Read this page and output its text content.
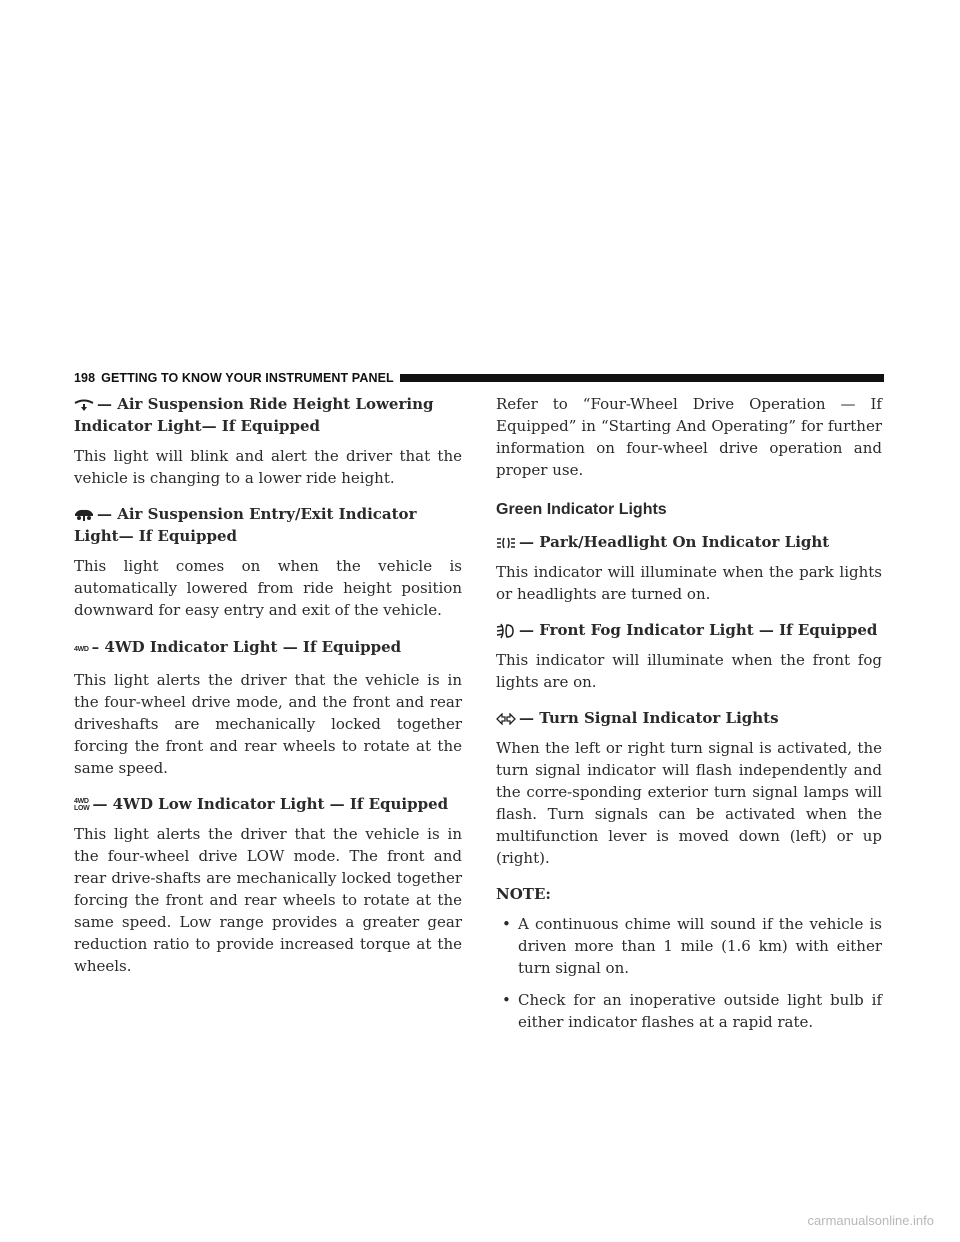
198 GETTING TO KNOW YOUR INSTRUMENT PANEL
— Air Suspension Ride Height Lowering Indicator Light— If Equipped

This light will blink and alert the driver that the vehicle is changing to a lower ride height.

— Air Suspension Entry/Exit Indicator Light— If Equipped

This light comes on when the vehicle is automatically lowered from ride height position downward for easy entry and exit of the vehicle.

4WD – 4WD Indicator Light — If Equipped

This light alerts the driver that the vehicle is in the four-wheel drive mode, and the front and rear driveshafts are mechanically locked together forcing the front and rear wheels to rotate at the same speed.

4WD
LOW — 4WD Low Indicator Light — If Equipped

This light alerts the driver that the vehicle is in the four-wheel drive LOW mode. The front and rear drive-shafts are mechanically locked together forcing the front and rear wheels to rotate at the same speed. Low range provides a greater gear reduction ratio to provide increased torque at the wheels.

Refer to “Four-Wheel Drive Operation — If Equipped” in “Starting And Operating” for further information on four-wheel drive operation and proper use.

Green Indicator Lights
— Park/Headlight On Indicator Light

This indicator will illuminate when the park lights or headlights are turned on.

— Front Fog Indicator Light — If Equipped

This indicator will illuminate when the front fog lights are on.

— Turn Signal Indicator Lights

When the left or right turn signal is activated, the turn signal indicator will flash independently and the corre-sponding exterior turn signal lamps will flash. Turn signals can be activated when the multifunction lever is moved down (left) or up (right).

NOTE:
• A continuous chime will sound if the vehicle is driven more than 1 mile (1.6 km) with either turn signal on.
• Check for an inoperative outside light bulb if either indicator flashes at a rapid rate.
carmanualsonline.info
